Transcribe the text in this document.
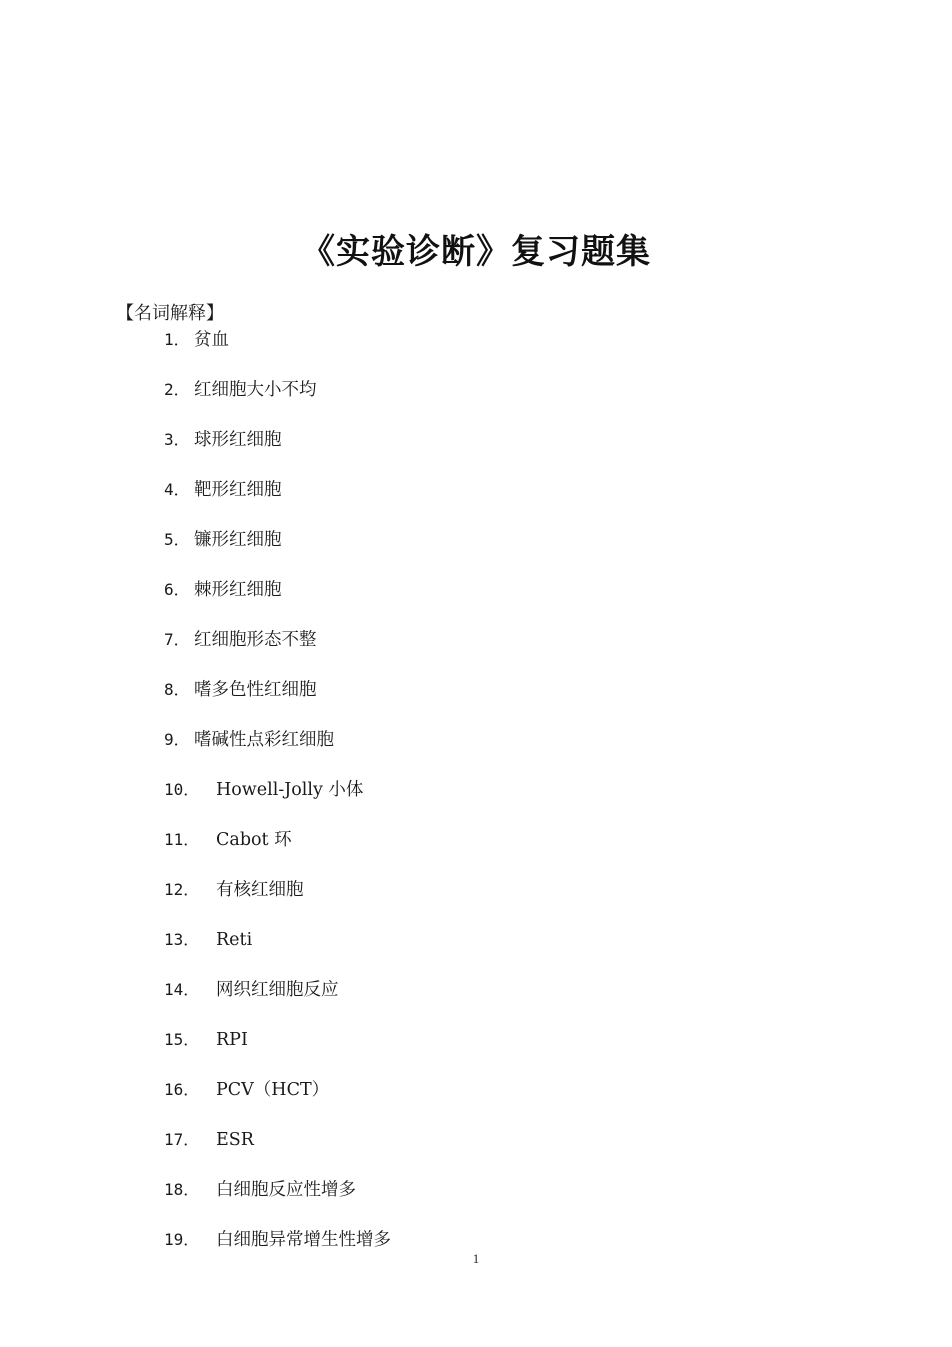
《实验诊断》复习题集
【名词解释】
1． 贫血
2． 红细胞大小不均
3． 球形红细胞
4． 靶形红细胞
5． 镰形红细胞
6． 棘形红细胞
7． 红细胞形态不整
8． 嗜多色性红细胞
9． 嗜碱性点彩红细胞
10． Howell-Jolly 小体
11． Cabot 环
12． 有核红细胞
13． Reti
14． 网织红细胞反应
15． RPI
16． PCV（HCT）
17． ESR
18． 白细胞反应性增多
19． 白细胞异常增生性增多
1
